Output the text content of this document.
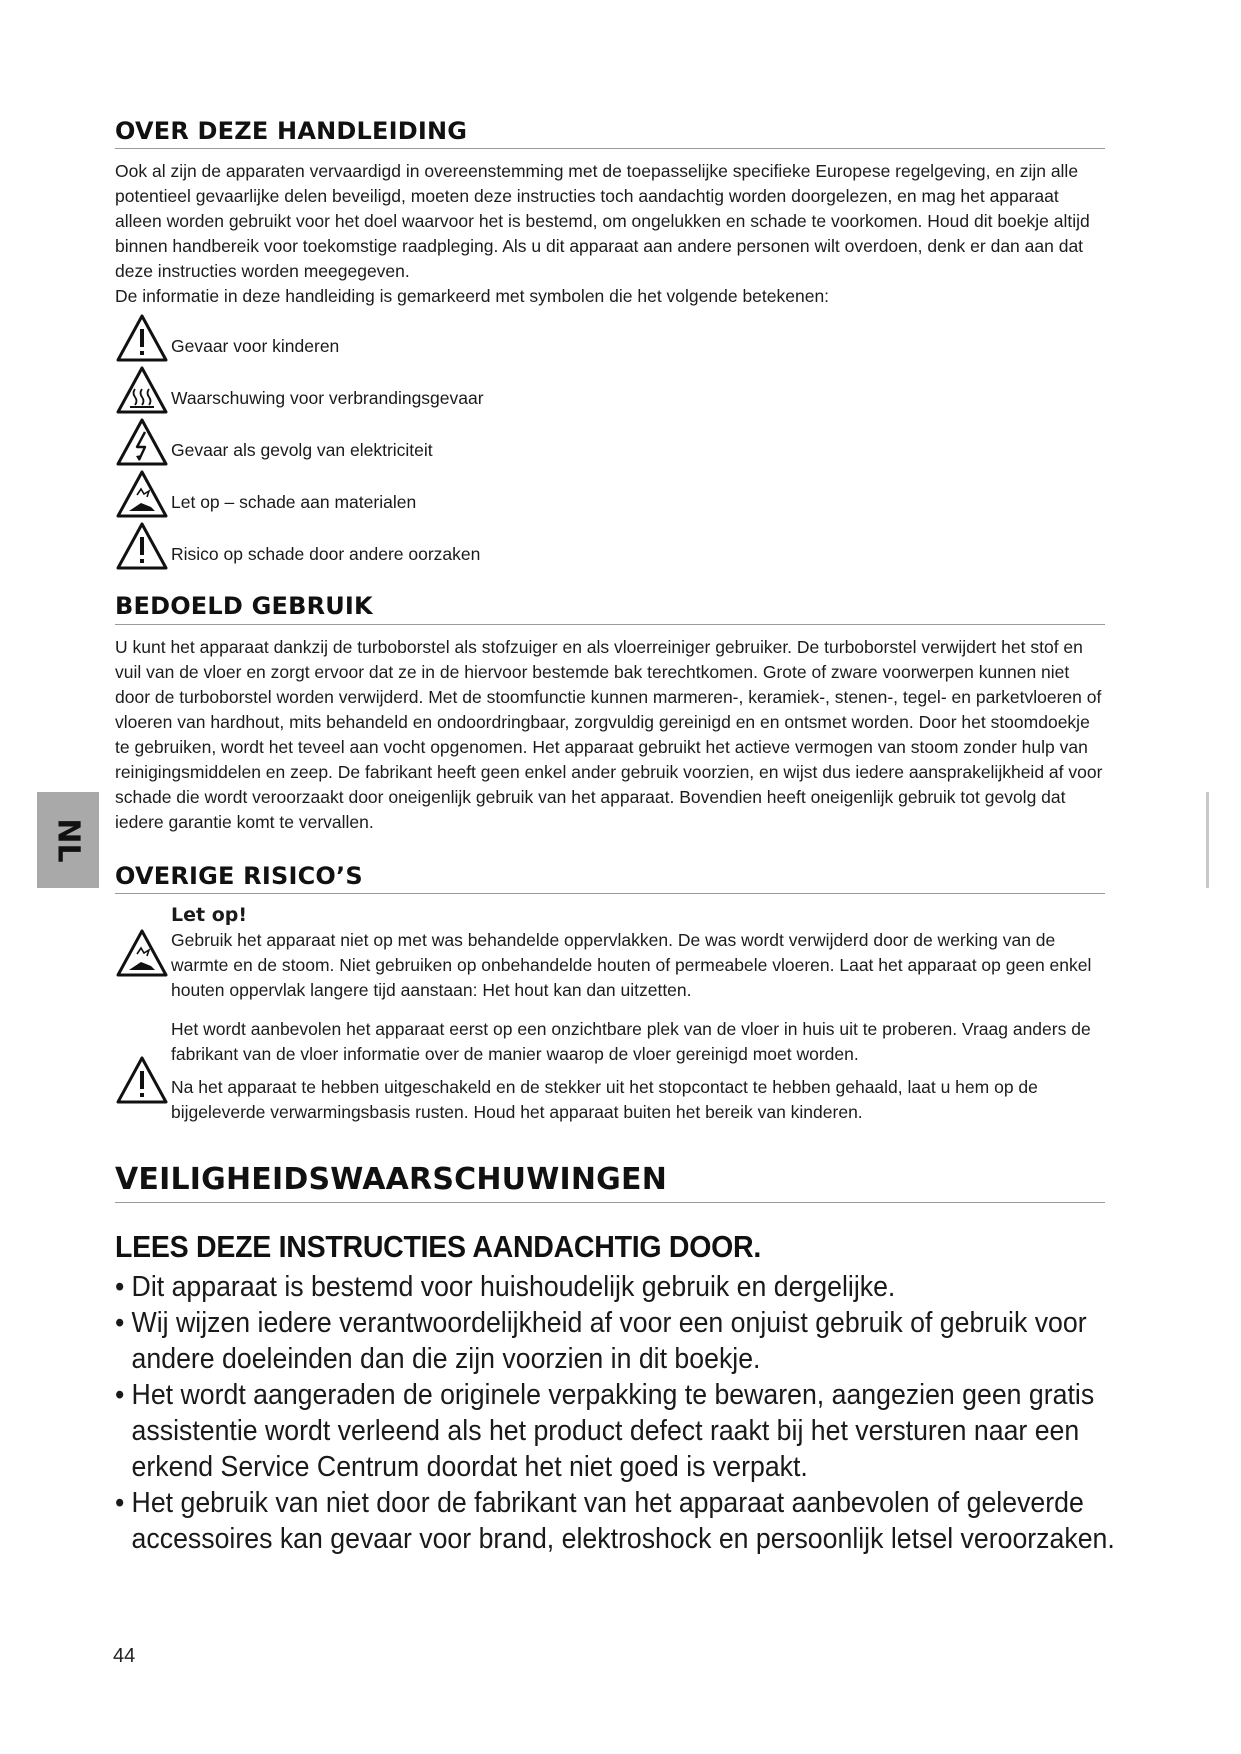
NL
OVER DEZE HANDLEIDING

Ook al zijn de apparaten vervaardigd in overeenstemming met de toepasselijke specifieke Europese regelgeving, en zijn alle potentieel gevaarlijke delen beveiligd, moeten deze instructies toch aandachtig worden doorgelezen, en mag het apparaat alleen worden gebruikt voor het doel waarvoor het is bestemd, om ongelukken en schade te voorkomen. Houd dit boekje altijd binnen handbereik voor toekomstige raadpleging. Als u dit apparaat aan andere personen wilt overdoen, denk er dan aan dat deze instructies worden meegegeven.

De informatie in deze handleiding is gemarkeerd met symbolen die het volgende betekenen:

Gevaar voor kinderen
Waarschuwing voor verbrandingsgevaar
Gevaar als gevolg van elektriciteit
Let op – schade aan materialen
Risico op schade door andere oorzaken
BEDOELD GEBRUIK

U kunt het apparaat dankzij de turboborstel als stofzuiger en als vloerreiniger gebruiker. De turboborstel verwijdert het stof en vuil van de vloer en zorgt ervoor dat ze in de hiervoor bestemde bak terechtkomen. Grote of zware voorwerpen kunnen niet door de turboborstel worden verwijderd. Met de stoomfunctie kunnen marmeren-, keramiek-, stenen-, tegel- en parketvloeren of vloeren van hardhout, mits behandeld en ondoordringbaar, zorgvuldig gereinigd en en ontsmet worden. Door het stoomdoekje te gebruiken, wordt het teveel aan vocht opgenomen. Het apparaat gebruikt het actieve vermogen van stoom zonder hulp van reinigingsmiddelen en zeep. De fabrikant heeft geen enkel ander gebruik voorzien, en wijst dus iedere aansprakelijkheid af voor schade die wordt veroorzaakt door oneigenlijk gebruik van het apparaat. Bovendien heeft oneigenlijk gebruik tot gevolg dat iedere garantie komt te vervallen.

OVERIGE RISICO’S
Let op!

Gebruik het apparaat niet op met was behandelde oppervlakken. De was wordt verwijderd door de werking van de warmte en de stoom. Niet gebruiken op onbehandelde houten of permeabele vloeren. Laat het apparaat op geen enkel houten oppervlak langere tijd aanstaan: Het hout kan dan uitzetten.

Het wordt aanbevolen het apparaat eerst op een onzichtbare plek van de vloer in huis uit te proberen. Vraag anders de fabrikant van de vloer informatie over de manier waarop de vloer gereinigd moet worden.

Na het apparaat te hebben uitgeschakeld en de stekker uit het stopcontact te hebben gehaald, laat u hem op de bijgeleverde verwarmingsbasis rusten. Houd het apparaat buiten het bereik van kinderen.

VEILIGHEIDSWAARSCHUWINGEN
LEES DEZE INSTRUCTIES AANDACHTIG DOOR.
• Dit apparaat is bestemd voor huishoudelijk gebruik en dergelijke.
• Wij wijzen iedere verantwoordelijkheid af voor een onjuist gebruik of gebruik voor andere doeleinden dan die zijn voorzien in dit boekje.
• Het wordt aangeraden de originele verpakking te bewaren, aangezien geen gratis assistentie wordt verleend als het product defect raakt bij het versturen naar een erkend Service Centrum doordat het niet goed is verpakt.
• Het gebruik van niet door de fabrikant van het apparaat aanbevolen of geleverde accessoires kan gevaar voor brand, elektroshock en persoonlijk letsel veroorzaken.
44
